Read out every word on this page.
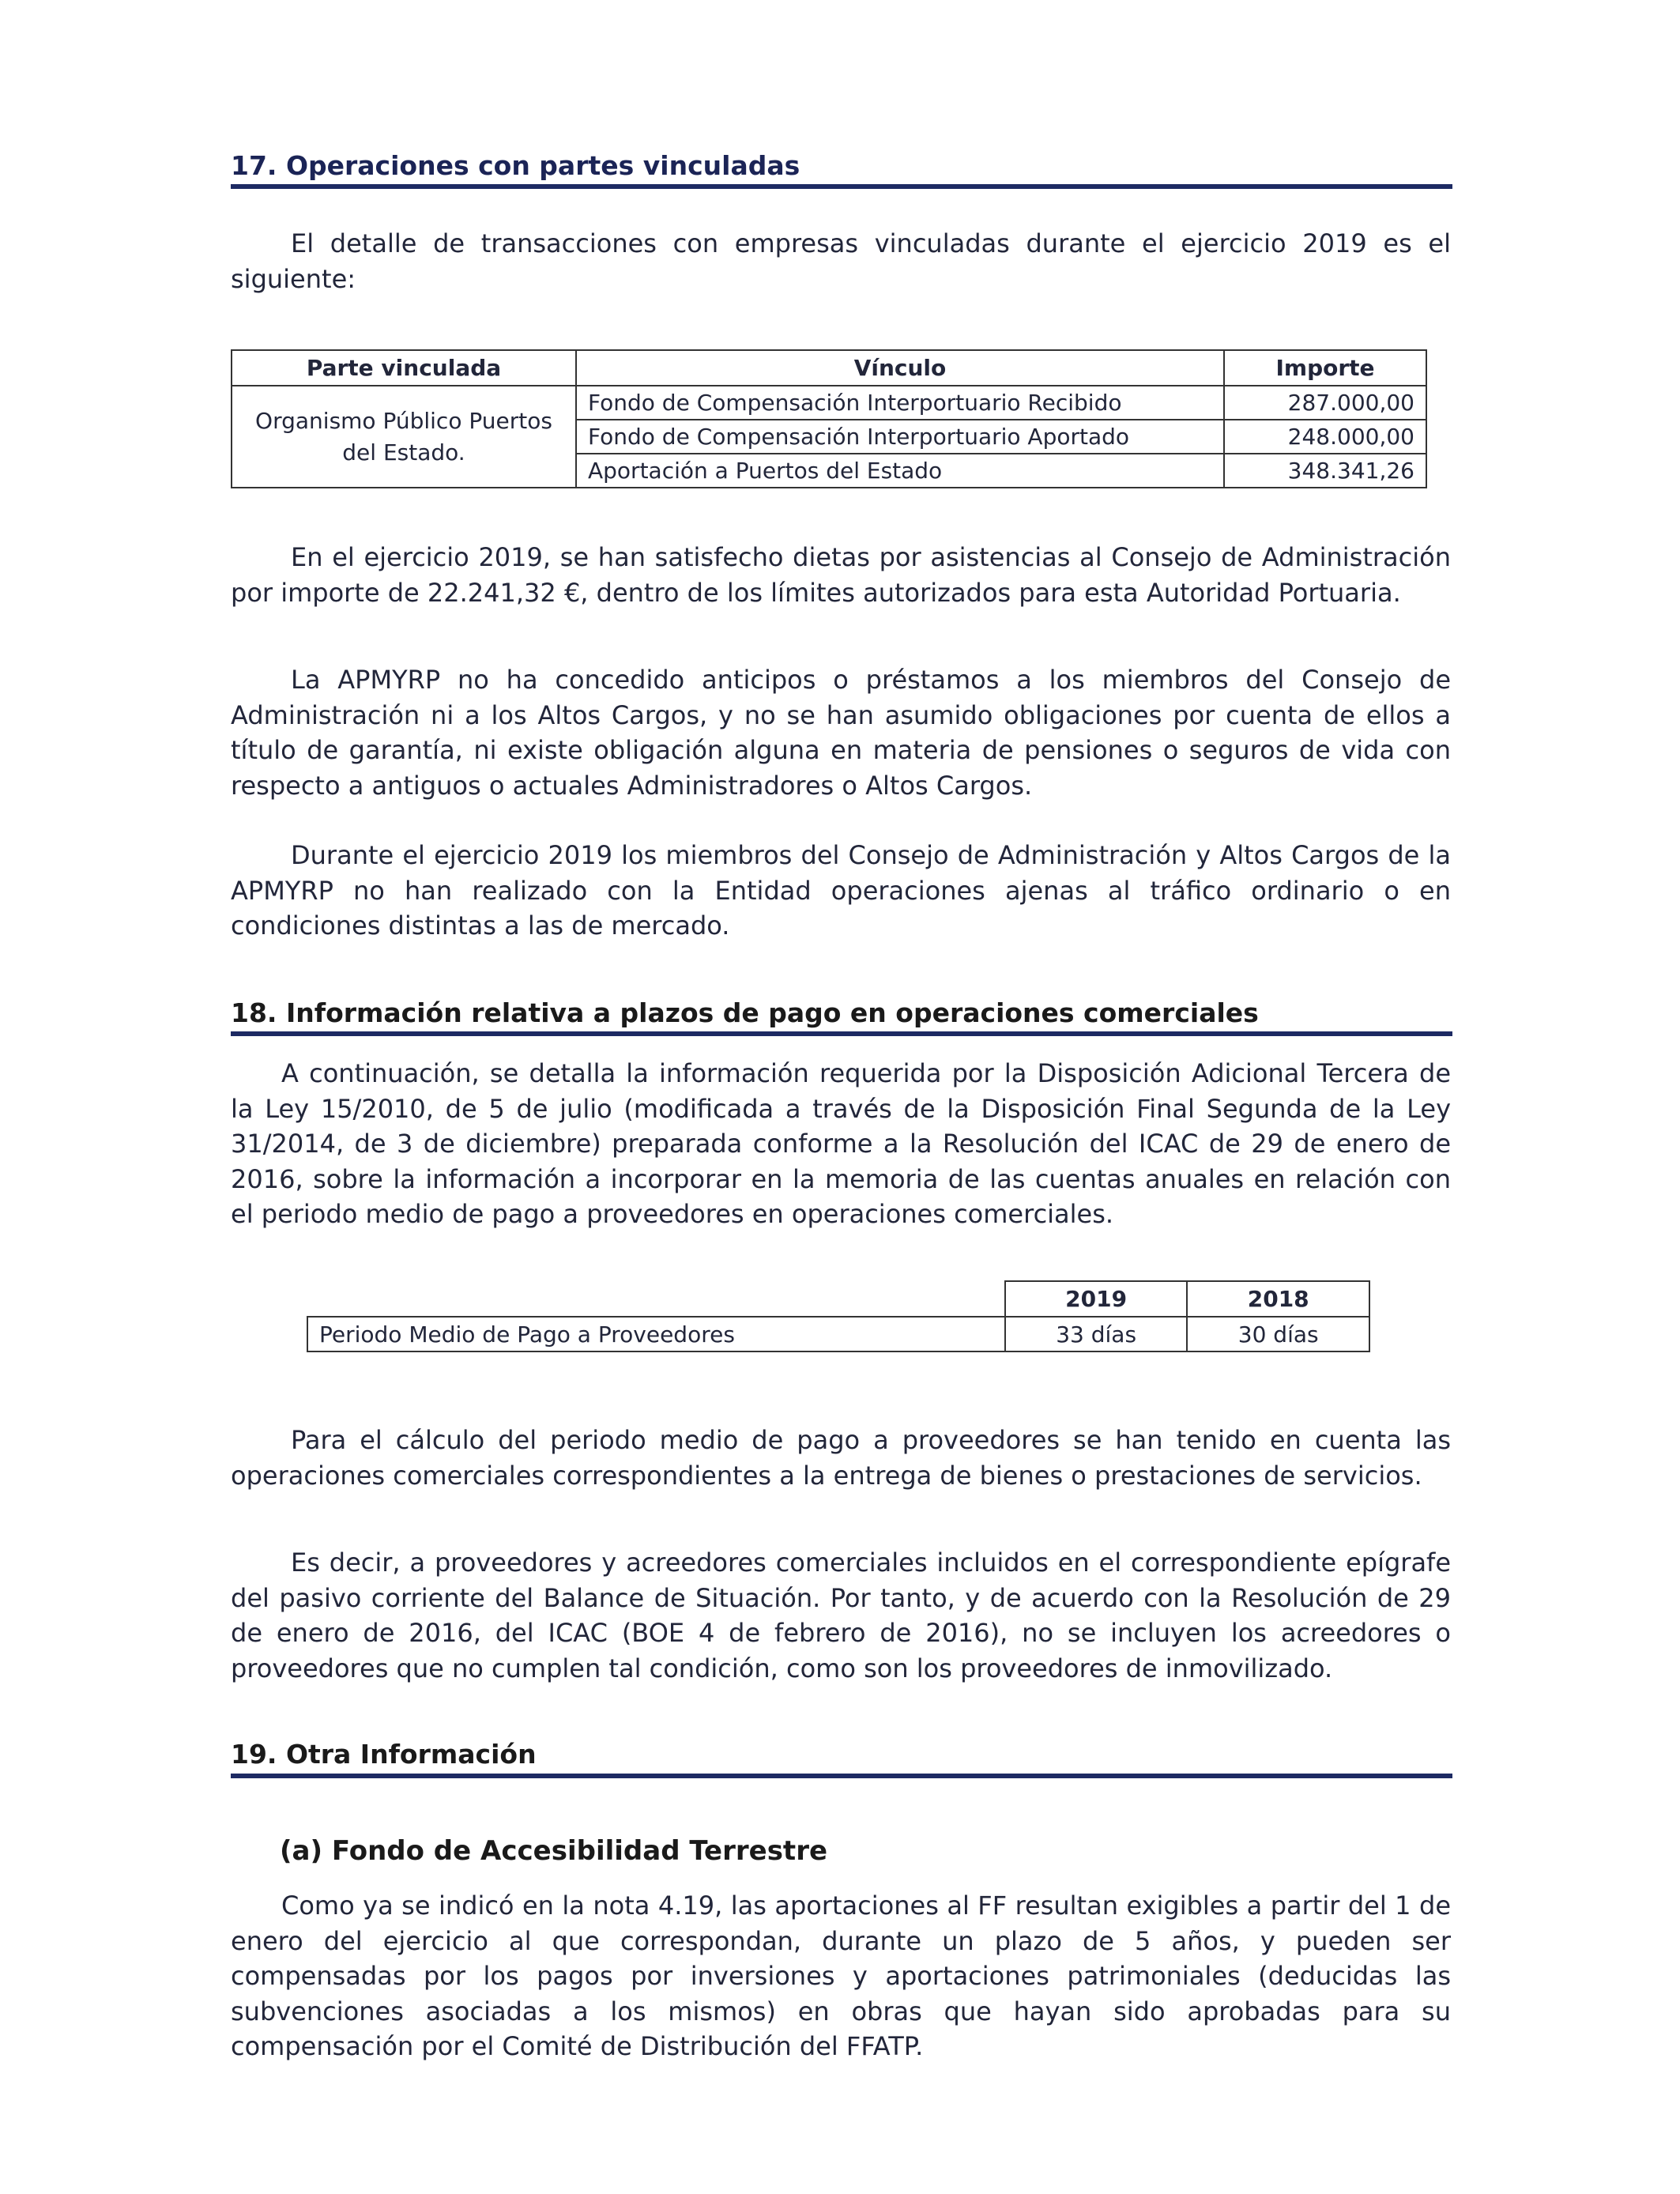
17. Operaciones con partes vinculadas

El detalle de transacciones con empresas vinculadas durante el ejercicio 2019 es el siguiente:

Parte vinculada	Vínculo	Importe
Organismo Público Puertos del Estado.	Fondo de Compensación Interportuario Recibido	287.000,00
	Fondo de Compensación Interportuario Aportado	248.000,00
	Aportación a Puertos del Estado	348.341,26

En el ejercicio 2019, se han satisfecho dietas por asistencias al Consejo de Administración por importe de 22.241,32 €, dentro de los límites autorizados para esta Autoridad Portuaria.

La APMYRP no ha concedido anticipos o préstamos a los miembros del Consejo de Administración ni a los Altos Cargos, y no se han asumido obligaciones por cuenta de ellos a título de garantía, ni existe obligación alguna en materia de pensiones o seguros de vida con respecto a antiguos o actuales Administradores o Altos Cargos.

Durante el ejercicio 2019 los miembros del Consejo de Administración y Altos Cargos de la APMYRP no han realizado con la Entidad operaciones ajenas al tráfico ordinario o en condiciones distintas a las de mercado.

18. Información relativa a plazos de pago en operaciones comerciales

A continuación, se detalla la información requerida por la Disposición Adicional Tercera de la Ley 15/2010, de 5 de julio (modificada a través de la Disposición Final Segunda de la Ley 31/2014, de 3 de diciembre) preparada conforme a la Resolución del ICAC de 29 de enero de 2016, sobre la información a incorporar en la memoria de las cuentas anuales en relación con el periodo medio de pago a proveedores en operaciones comerciales.

	2019	2018
Periodo Medio de Pago a Proveedores	33 días	30 días

Para el cálculo del periodo medio de pago a proveedores se han tenido en cuenta las operaciones comerciales correspondientes a la entrega de bienes o prestaciones de servicios.

Es decir, a proveedores y acreedores comerciales incluidos en el correspondiente epígrafe del pasivo corriente del Balance de Situación. Por tanto, y de acuerdo con la Resolución de 29 de enero de 2016, del ICAC (BOE 4 de febrero de 2016), no se incluyen los acreedores o proveedores que no cumplen tal condición, como son los proveedores de inmovilizado.

19. Otra Información
(a) Fondo de Accesibilidad Terrestre

Como ya se indicó en la nota 4.19, las aportaciones al FF resultan exigibles a partir del 1 de enero del ejercicio al que correspondan, durante un plazo de 5 años, y pueden ser compensadas por los pagos por inversiones y aportaciones patrimoniales (deducidas las subvenciones asociadas a los mismos) en obras que hayan sido aprobadas para su compensación por el Comité de Distribución del FFATP.
